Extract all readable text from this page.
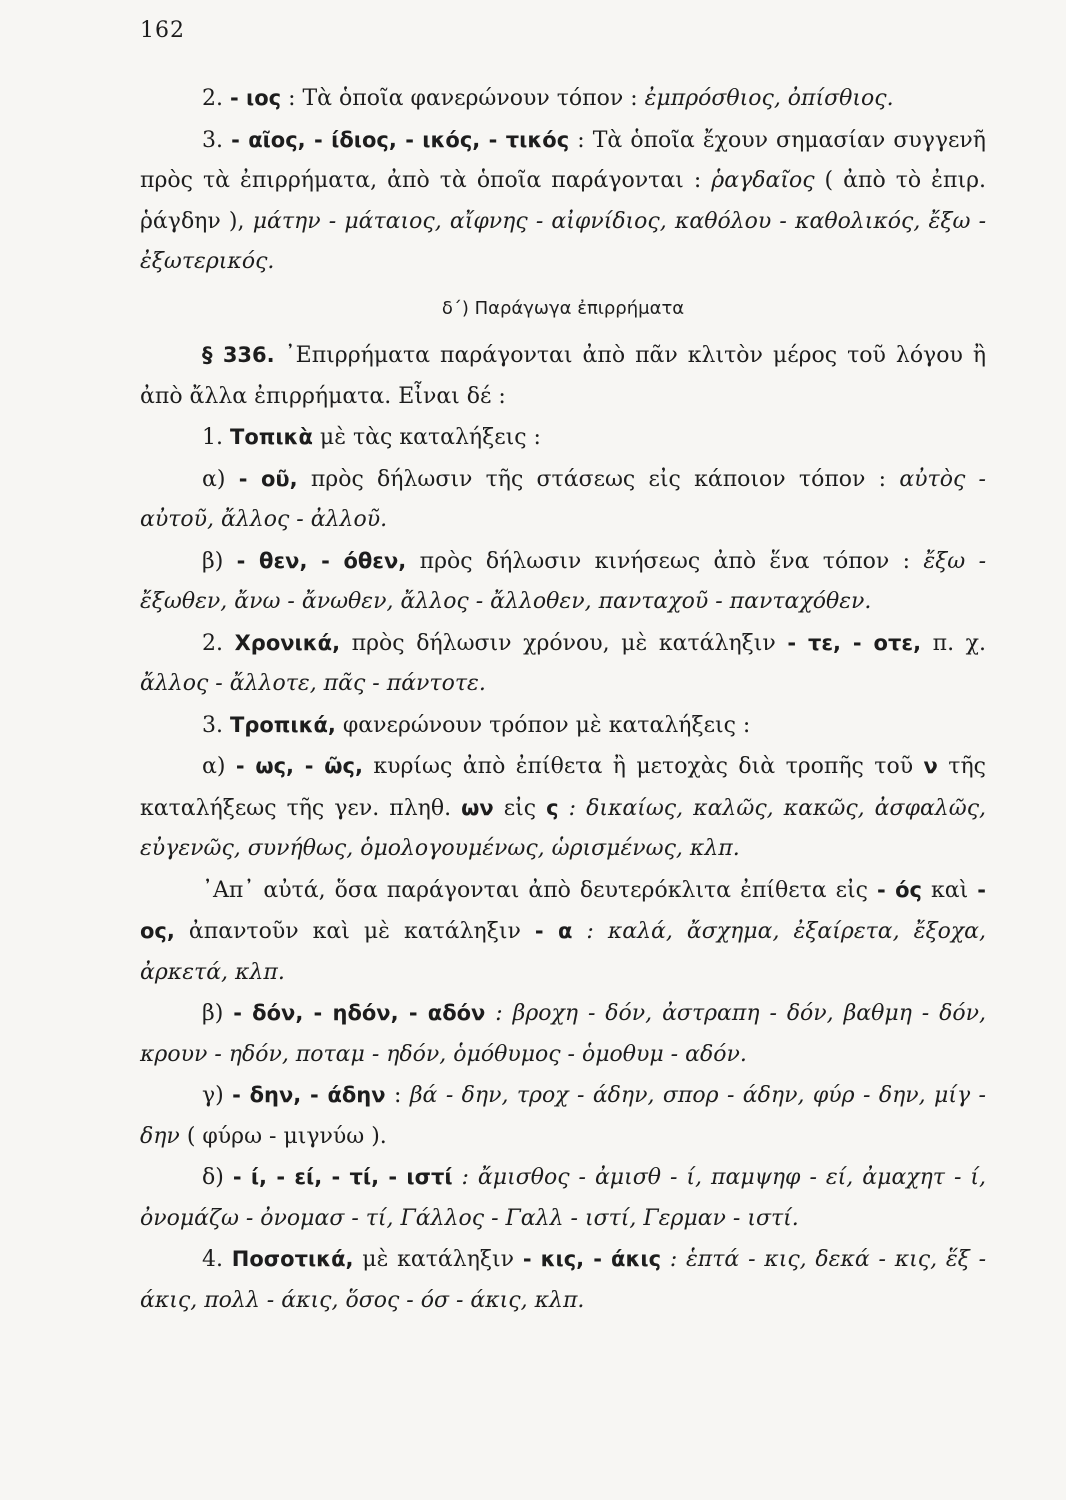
162
2. - ιος : Τὰ ὁποῖα φανερώνουν τόπον : ἐμπρόσθιος, ὀπίσθιος.
3. - αῖος, - ίδιος, - ικός, - τικός : Τὰ ὁποῖα ἔχουν σημασίαν συγγενῆ πρὸς τὰ ἐπιρρήματα, ἀπὸ τὰ ὁποῖα παράγονται : ῥαγδαῖος ( ἀπὸ τὸ ἐπιρ. ῥάγδην ), μάτην - μάταιος, αἴφνης - αἰφνίδιος, καθόλου - καθολικός, ἔξω - ἐξωτερικός.
δ΄) Παράγωγα ἐπιρρήματα
§ 336. ᾿Επιρρήματα παράγονται ἀπὸ πᾶν κλιτὸν μέρος τοῦ λόγου ἢ ἀπὸ ἄλλα ἐπιρρήματα. Εἶναι δέ :
1. Τοπικὰ μὲ τὰς καταλήξεις :
α) - οῦ, πρὸς δήλωσιν τῆς στάσεως εἰς κάποιον τόπον : αὐτὸς - αὐτοῦ, ἄλλος - ἀλλοῦ.
β) - θεν, - όθεν, πρὸς δήλωσιν κινήσεως ἀπὸ ἕνα τόπον : ἔξω - ἔξωθεν, ἄνω - ἄνωθεν, ἄλλος - ἄλλοθεν, πανταχοῦ - πανταχόθεν.
2. Χρονικά, πρὸς δήλωσιν χρόνου, μὲ κατάληξιν - τε, - οτε, π. χ. ἄλλος - ἄλλοτε, πᾶς - πάντοτε.
3. Τροπικά, φανερώνουν τρόπον μὲ καταλήξεις :
α) - ως, - ῶς, κυρίως ἀπὸ ἐπίθετα ἢ μετοχὰς διὰ τροπῆς τοῦ ν τῆς καταλήξεως τῆς γεν. πληθ. ων εἰς ς : δικαίως, καλῶς, κακῶς, ἀσφαλῶς, εὐγενῶς, συνήθως, ὁμολογουμένως, ὡρισμένως, κλπ.
᾿Απ᾿ αὐτά, ὅσα παράγονται ἀπὸ δευτερόκλιτα ἐπίθετα εἰς - ός καὶ - ος, ἀπαντοῦν καὶ μὲ κατάληξιν - α : καλά, ἄσχημα, ἐξαίρετα, ἔξοχα, ἀρκετά, κλπ.
β) - δόν, - ηδόν, - αδόν : βροχη - δόν, ἀστραπη - δόν, βαθμη - δόν, κρουν - ηδόν, ποταμ - ηδόν, ὁμόθυμος - ὁμοθυμ - αδόν.
γ) - δην, - άδην : βά - δην, τροχ - άδην, σπορ - άδην, φύρ - δην, μίγ - δην ( φύρω - μιγνύω ).
δ) - ί, - εί, - τί, - ιστί : ἄμισθος - ἀμισθ - ί, παμψηφ - εί, ἀμαχητ - ί, ὀνομάζω - ὀνομασ - τί, Γάλλος - Γαλλ - ιστί, Γερμαν - ιστί.
4. Ποσοτικά, μὲ κατάληξιν - κις, - άκις : ἑπτά - κις, δεκά - κις, ἕξ - άκις, πολλ - άκις, ὅσος - όσ - άκις, κλπ.
